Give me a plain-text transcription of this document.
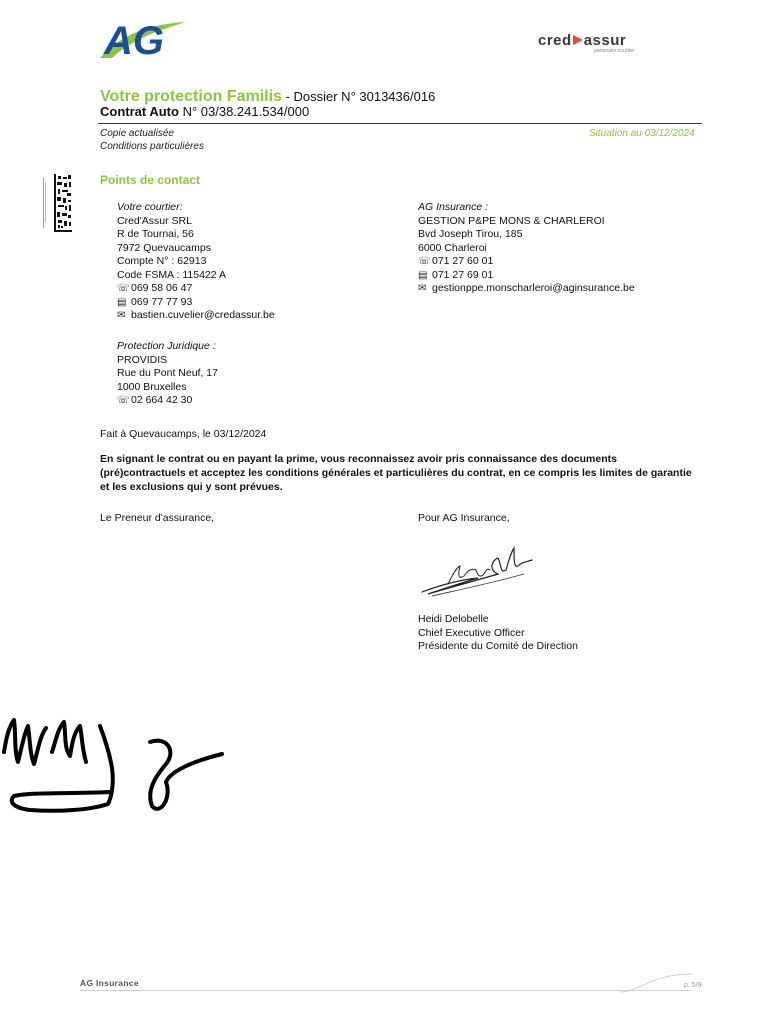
AG	cred assur
partenaire courtier
Votre protection Familis - Dossier N° 3013436/016
Contrat Auto N° 03/38.241.534/000
Copie actualisée
Conditions particulières
Situation au 03/12/2024
Points de contact
Votre courtier:
Cred'Assur SRL
R de Tournai, 56
7972 Quevaucamps
Compte N° : 62913
Code FSMA : 115422 A
☏069 58 06 47
▤ 069 77 77 93
✉ bastien.cuvelier@credassur.be
AG Insurance :
GESTION P&PE MONS & CHARLEROI
Bvd Joseph Tirou, 185
6000 Charleroi
☏071 27 60 01
▤ 071 27 69 01
✉ gestionppe.monscharleroi@aginsurance.be
Protection Juridique :
PROVIDIS
Rue du Pont Neuf, 17
1000 Bruxelles
☏02 664 42 30
Fait à Quevaucamps, le 03/12/2024
En signant le contrat ou en payant la prime, vous reconnaissez avoir pris connaissance des documents
(pré)contractuels et acceptez les conditions générales et particulières du contrat, en ce compris les limites de garantie
et les exclusions qui y sont prévues.
Le Preneur d'assurance,	Pour AG Insurance,
Heidi Delobelle
Chief Executive Officer
Présidente du Comité de Direction
AG Insurance	p. 5/9
